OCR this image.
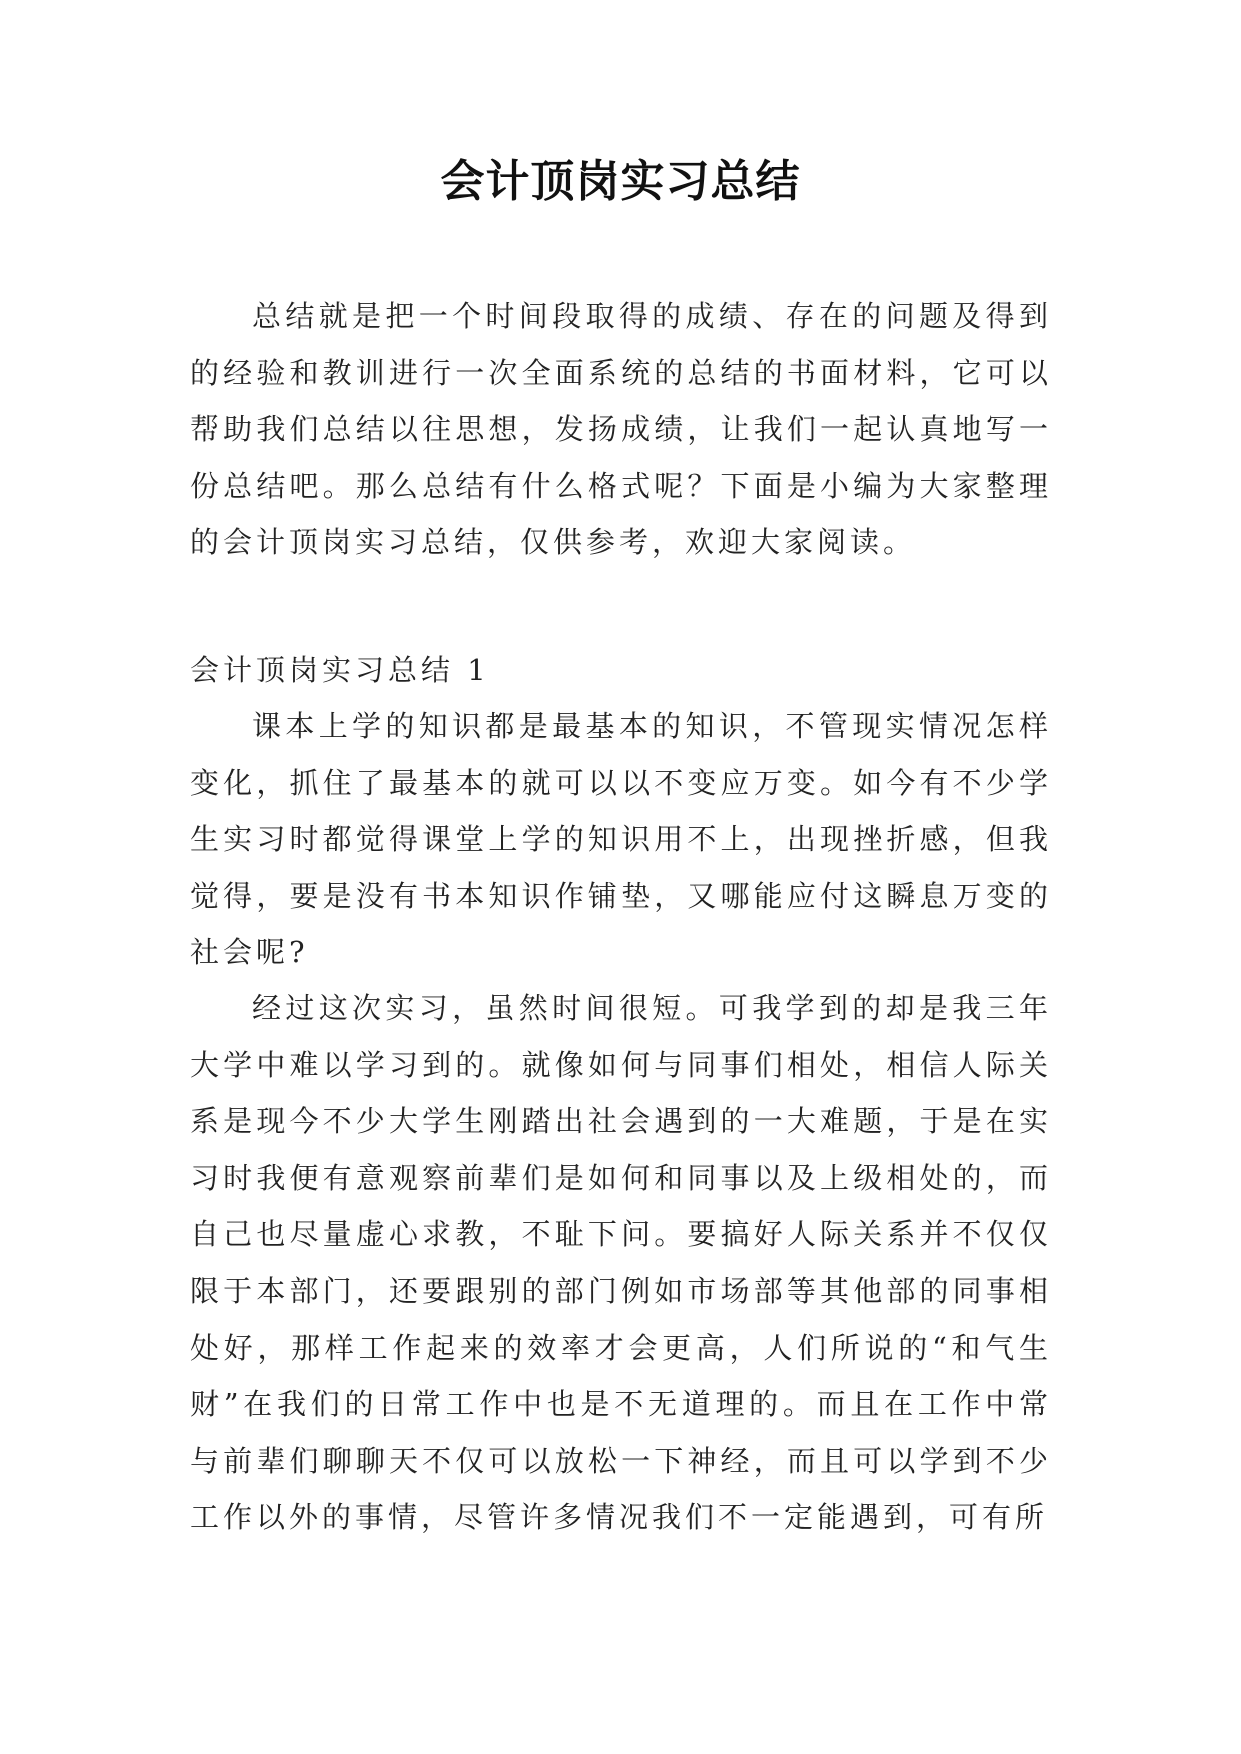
会计顶岗实习总结
总结就是把一个时间段取得的成绩、存在的问题及得到的经验和教训进行一次全面系统的总结的书面材料，它可以帮助我们总结以往思想，发扬成绩，让我们一起认真地写一份总结吧。那么总结有什么格式呢？下面是小编为大家整理的会计顶岗实习总结，仅供参考，欢迎大家阅读。
会计顶岗实习总结 1
课本上学的知识都是最基本的知识，不管现实情况怎样变化，抓住了最基本的就可以以不变应万变。如今有不少学生实习时都觉得课堂上学的知识用不上，出现挫折感，但我觉得，要是没有书本知识作铺垫，又哪能应付这瞬息万变的社会呢?
经过这次实习，虽然时间很短。可我学到的却是我三年大学中难以学习到的。就像如何与同事们相处，相信人际关系是现今不少大学生刚踏出社会遇到的一大难题，于是在实习时我便有意观察前辈们是如何和同事以及上级相处的，而自己也尽量虚心求教，不耻下问。要搞好人际关系并不仅仅限于本部门，还要跟别的部门例如市场部等其他部的同事相处好，那样工作起来的效率才会更高，人们所说的“和气生财”在我们的日常工作中也是不无道理的。而且在工作中常与前辈们聊聊天不仅可以放松一下神经，而且可以学到不少工作以外的事情，尽管许多情况我们不一定能遇到，可有所
